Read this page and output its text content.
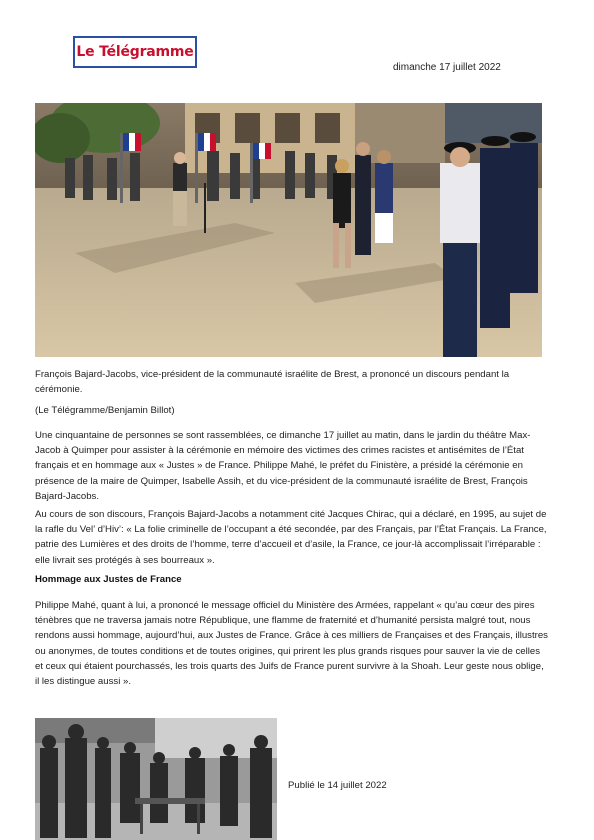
Le Télégramme
dimanche 17 juillet 2022
François Bajard-Jacobs, vice-président de la communauté israélite de Brest, a prononcé un discours pendant la cérémonie.
(Le Télégramme/Benjamin Billot)
Une cinquantaine de personnes se sont rassemblées, ce dimanche 17 juillet au matin, dans le jardin du théâtre Max-Jacob à Quimper pour assister à la cérémonie en mémoire des victimes des crimes racistes et antisémites de l’État français et en hommage aux « Justes » de France. Philippe Mahé, le préfet du Finistère, a présidé la cérémonie en présence de la maire de Quimper, Isabelle Assih, et du vice-président de la communauté israélite de Brest, François Bajard-Jacobs.
Au cours de son discours, François Bajard-Jacobs a notamment cité Jacques Chirac, qui a déclaré, en 1995, au sujet de la rafle du Vel’ d’Hiv’: « La folie criminelle de l’occupant a été secondée, par des Français, par l’État Français. La France, patrie des Lumières et des droits de l’homme, terre d’accueil et d’asile, la France, ce jour-là accomplissait l’irréparable : elle livrait ses protégés à ses bourreaux ».
Hommage aux Justes de France
Philippe Mahé, quant à lui, a prononcé le message officiel du Ministère des Armées, rappelant « qu’au cœur des pires ténèbres que ne traversa jamais notre République, une flamme de fraternité et d’humanité persista malgré tout, nous rendons aussi hommage, aujourd’hui, aux Justes de France. Grâce à ces milliers de Françaises et des Français, illustres ou anonymes, de toutes conditions et de toutes origines, qui prirent les plus grands risques pour sauver la vie de celles et ceux qui étaient pourchassés, les trois quarts des Juifs de France purent survivre à la Shoah. Leur geste nous oblige, il les distingue aussi ».
Publié le 14 juillet 2022
